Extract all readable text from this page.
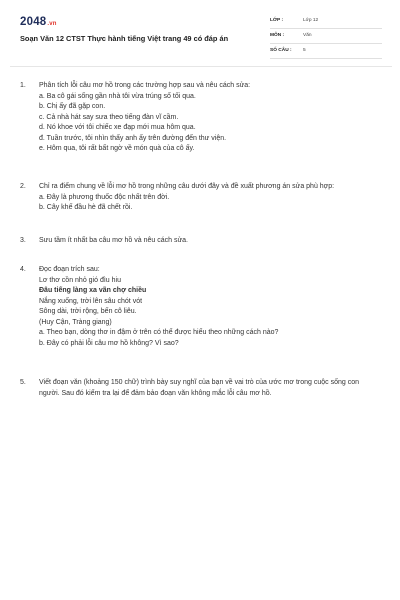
2048.vn
Soạn Văn 12 CTST Thực hành tiếng Việt trang 49 có đáp án
LỚP :	Lớp 12
MÔN :	Văn
SỐ CÂU : 5
1. Phân tích lỗi câu mơ hồ trong các trường hợp sau và nêu cách sửa:
a. Ba cô gái sống gần nhà tôi vừa trúng số tối qua.
b. Chị ấy đã gặp con.
c. Cả nhà hát say sưa theo tiếng đàn vĩ cầm.
d. Nó khoe với tôi chiếc xe đạp mới mua hôm qua.
đ. Tuần trước, tôi nhìn thấy anh ấy trên đường đến thư viện.
e. Hôm qua, tôi rất bất ngờ về món quà của cô ấy.
2. Chỉ ra điểm chung về lỗi mơ hồ trong những câu dưới đây và đề xuất phương án sửa phù hợp:
a. Đây là phương thuốc độc nhất trên đời.
b. Cây khế đầu hè đã chết rồi.
3. Sưu tầm ít nhất ba câu mơ hồ và nêu cách sửa.
4. Đọc đoạn trích sau:
Lơ thơ cồn nhỏ gió đìu hiu
Đâu tiếng làng xa vãn chợ chiều
Nắng xuống, trời lên sâu chót vót
Sông dài, trời rộng, bến cô liêu.
(Huy Cận, Tràng giang)
a. Theo bạn, dòng thơ in đậm ở trên có thể được hiểu theo những cách nào?
b. Đây có phải lỗi câu mơ hồ không? Vì sao?
5. Viết đoạn văn (khoảng 150 chữ) trình bày suy nghĩ của bạn về vai trò của ước mơ trong cuộc sống con người. Sau đó kiểm tra lại để đảm bảo đoạn văn không mắc lỗi câu mơ hồ.
